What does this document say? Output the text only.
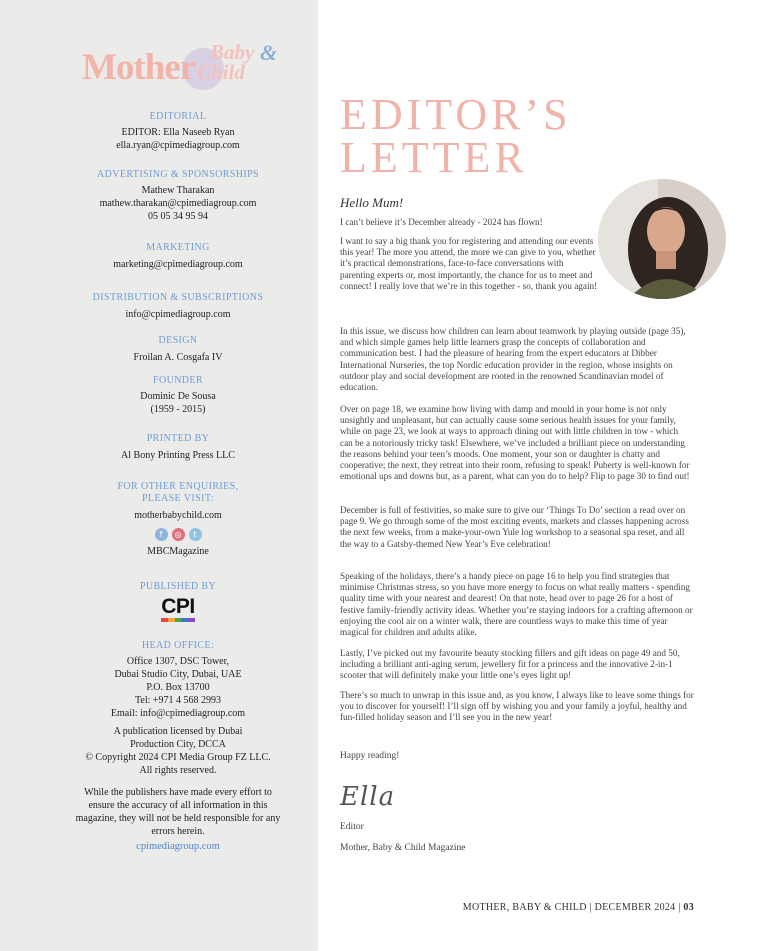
Mother Baby
Child
&
EDITORIAL
EDITOR: Ella Naseeb Ryan
ella.ryan@cpimediagroup.com
ADVERTISING & SPONSORSHIPS
Mathew Tharakan
mathew.tharakan@cpimediagroup.com
05 05 34 95 94
MARKETING
marketing@cpimediagroup.com
DISTRIBUTION & SUBSCRIPTIONS
info@cpimediagroup.com
DESIGN
Froilan A. Cosgafa IV
FOUNDER
Dominic De Sousa
(1959 - 2015)
PRINTED BY
Al Bony Printing Press LLC
FOR OTHER ENQUIRIES,
PLEASE VISIT:
motherbabychild.com
f	◎	t
MBCMagazine
PUBLISHED BY
CPI
HEAD OFFICE:
Office 1307, DSC Tower,
Dubai Studio City, Dubai, UAE
P.O. Box 13700
Tel: +971 4 568 2993
Email: info@cpimediagroup.com
A publication licensed by Dubai
Production City, DCCA
© Copyright 2024 CPI Media Group FZ LLC.
All rights reserved.
While the publishers have made every effort to
ensure the accuracy of all information in this
magazine, they will not be held responsible for any
errors herein.
cpimediagroup.com
EDITOR’S
LETTER
Hello Mum!

I can’t believe it’s December already - 2024 has flown!

I want to say a big thank you for registering and attending our events this year! The more you attend, the more we can give to you, whether it’s practical demonstrations, face-to-face conversations with parenting experts or, most importantly, the chance for us to meet and connect! I really love that we’re in this together - so, thank you again!

In this issue, we discuss how children can learn about teamwork by playing outside (page 35), and which simple games help little learners grasp the concepts of collaboration and communication best. I had the pleasure of hearing from the expert educators at Dibber International Nurseries, the top Nordic education provider in the region, whose insights on outdoor play and social development are rooted in the renowned Scandinavian model of education.

Over on page 18, we examine how living with damp and mould in your home is not only unsightly and unpleasant, but can actually cause some serious health issues for your family, while on page 23, we look at ways to approach dining out with little children in tow - which can be a notoriously tricky task! Elsewhere, we’ve included a brilliant piece on understanding the reasons behind your teen’s moods. One moment, your son or daughter is chatty and cooperative; the next, they retreat into their room, refusing to speak! Puberty is well-known for emotional ups and downs but, as a parent, what can you do to help? Flip to page 30 to find out!

December is full of festivities, so make sure to give our ‘Things To Do’ section a read over on page 9. We go through some of the most exciting events, markets and classes happening across the next few weeks, from a make-your-own Yule log workshop to a seasonal spa reset, and all the way to a Gatsby-themed New Year’s Eve celebration!

Speaking of the holidays, there’s a handy piece on page 16 to help you find strategies that minimise Christmas stress, so you have more energy to focus on what really matters - spending quality time with your nearest and dearest! On that note, head over to page 26 for a host of festive family-friendly activity ideas. Whether you’re staying indoors for a crafting afternoon or enjoying the cool air on a winter walk, there are countless ways to make this time of year magical for children and adults alike.

Lastly, I’ve picked out my favourite beauty stocking fillers and gift ideas on page 49 and 50, including a brilliant anti-aging serum, jewellery fit for a princess and the innovative 2-in-1 scooter that will definitely make your little one’s eyes light up!

There’s so much to unwrap in this issue and, as you know, I always like to leave some things for you to discover for yourself! I’ll sign off by wishing you and your family a joyful, healthy and fun-filled holiday season and I’ll see you in the new year!

Happy reading!
Ella
Editor
Mother, Baby & Child Magazine
MOTHER, BABY & CHILD | DECEMBER 2024 | 03
